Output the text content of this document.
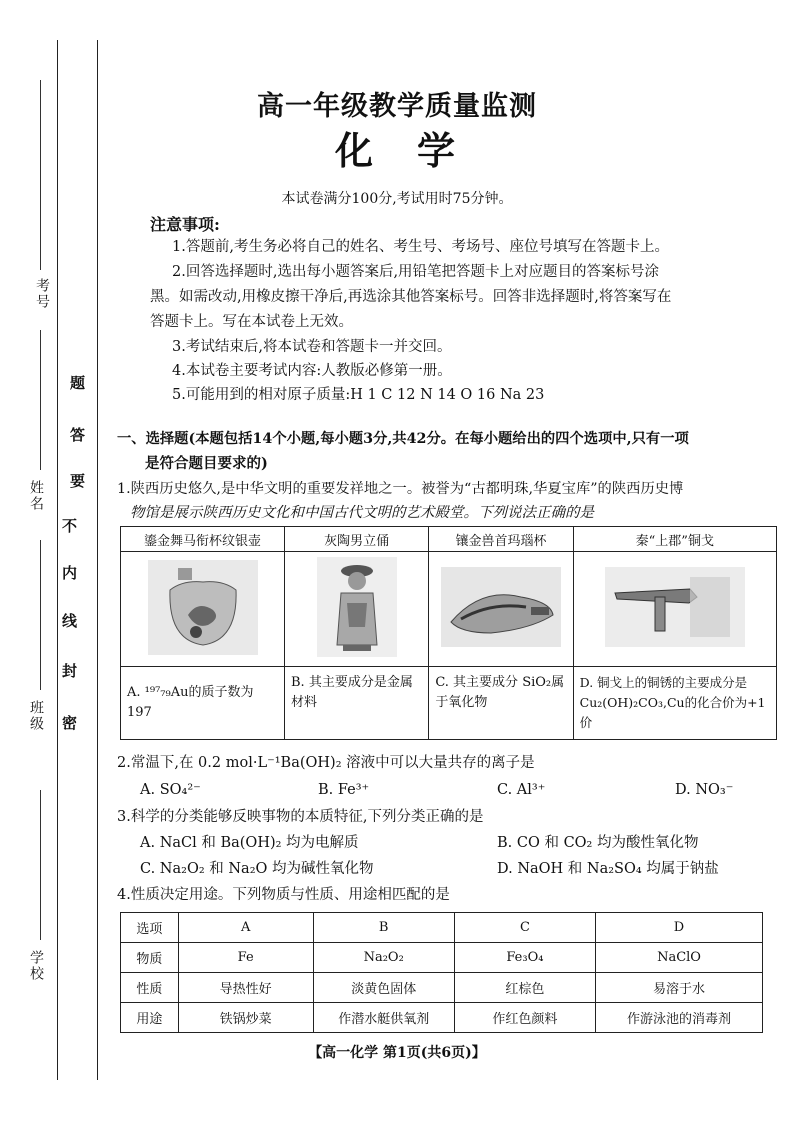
考号
姓名
班级
学校
题
答
要
不
内
线
封
密
高一年级教学质量监测
化学
本试卷满分100分,考试用时75分钟。
注意事项:
1.答题前,考生务必将自己的姓名、考生号、考场号、座位号填写在答题卡上。
2.回答选择题时,选出每小题答案后,用铅笔把答题卡上对应题目的答案标号涂
黑。如需改动,用橡皮擦干净后,再选涂其他答案标号。回答非选择题时,将答案写在
答题卡上。写在本试卷上无效。
3.考试结束后,将本试卷和答题卡一并交回。
4.本试卷主要考试内容:人教版必修第一册。
5.可能用到的相对原子质量:H 1 C 12 N 14 O 16 Na 23
一、选择题(本题包括14个小题,每小题3分,共42分。在每小题给出的四个选项中,只有一项
是符合题目要求的)
1.陕西历史悠久,是中华文明的重要发祥地之一。被誉为“古都明珠,华夏宝库”的陕西历史博
物馆是展示陕西历史文化和中国古代文明的艺术殿堂。下列说法正确的是
鎏金舞马衔杯纹银壶	灰陶男立俑	镶金兽首玛瑙杯	秦“上郡”铜戈

A. ¹⁹⁷₇₉Au的质子数为197	B. 其主要成分是金属材料	C. 其主要成分 SiO₂属于氧化物	D. 铜戈上的铜锈的主要成分是 Cu₂(OH)₂CO₃,Cu的化合价为+1价
2.常温下,在 0.2 mol·L⁻¹Ba(OH)₂ 溶液中可以大量共存的离子是
A. SO₄²⁻	B. Fe³⁺	C. Al³⁺	D. NO₃⁻
3.科学的分类能够反映事物的本质特征,下列分类正确的是
A. NaCl 和 Ba(OH)₂ 均为电解质	B. CO 和 CO₂ 均为酸性氧化物
C. Na₂O₂ 和 Na₂O 均为碱性氧化物	D. NaOH 和 Na₂SO₄ 均属于钠盐
4.性质决定用途。下列物质与性质、用途相匹配的是
选项	A	B	C	D
物质	Fe	Na₂O₂	Fe₃O₄	NaClO
性质	导热性好	淡黄色固体	红棕色	易溶于水
用途	铁锅炒菜	作潜水艇供氧剂	作红色颜料	作游泳池的消毒剂
【高一化学 第1页(共6页)】
